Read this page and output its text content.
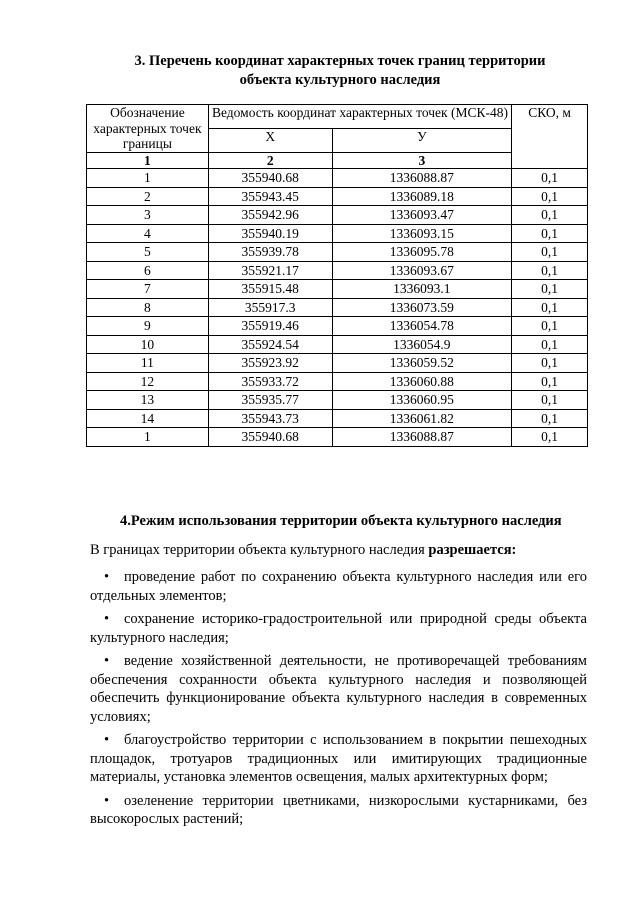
3. Перечень координат характерных точек границ территории
объекта культурного наследия
Обозначение характерных точек границы	Ведомость координат характерных точек (МСК-48)		СКО, м
	X	У	
1	2	3	
1	355940.68	1336088.87	0,1
2	355943.45	1336089.18	0,1
3	355942.96	1336093.47	0,1
4	355940.19	1336093.15	0,1
5	355939.78	1336095.78	0,1
6	355921.17	1336093.67	0,1
7	355915.48	1336093.1	0,1
8	355917.3	1336073.59	0,1
9	355919.46	1336054.78	0,1
10	355924.54	1336054.9	0,1
11	355923.92	1336059.52	0,1
12	355933.72	1336060.88	0,1
13	355935.77	1336060.95	0,1
14	355943.73	1336061.82	0,1
1	355940.68	1336088.87	0,1
4.Режим использования территории объекта культурного наследия
В границах территории объекта культурного наследия разрешается:
• проведение работ по сохранению объекта культурного наследия или его отдельных элементов;
• сохранение историко-градостроительной или природной среды объекта культурного наследия;
• ведение хозяйственной деятельности, не противоречащей требованиям обеспечения сохранности объекта культурного наследия и позволяющей обеспечить функционирование объекта культурного наследия в современных условиях;
• благоустройство территории с использованием в покрытии пешеходных площадок, тротуаров традиционных или имитирующих традиционные материалы, установка элементов освещения, малых архитектурных форм;
• озеленение территории цветниками, низкорослыми кустарниками, без высокорослых растений;
